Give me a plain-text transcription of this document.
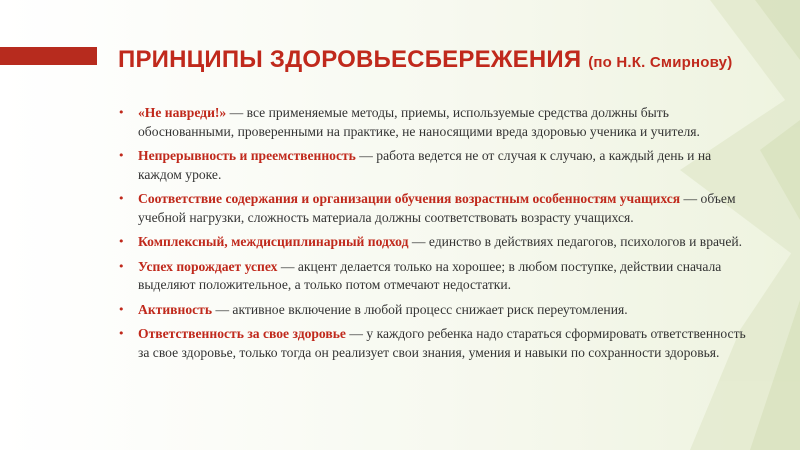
ПРИНЦИПЫ ЗДОРОВЬЕСБЕРЕЖЕНИЯ (по Н.К. Смирнову)
• «Не навреди!» — все применяемые методы, приемы, используемые средства должны быть обоснованными, проверенными на практике, не наносящими вреда здоровью ученика и учителя.
• Непрерывность и преемственность — работа ведется не от случая к случаю, а каждый день и на каждом уроке.
• Соответствие содержания и организации обучения возрастным особенностям учащихся — объем учебной нагрузки, сложность материала должны соответствовать возрасту учащихся.
• Комплексный, междисциплинарный подход — единство в действиях педагогов, психологов и врачей.
• Успех порождает успех — акцент делается только на хорошее; в любом поступке, действии сначала выделяют положительное, а только потом отмечают недостатки.
• Активность — активное включение в любой процесс снижает риск переутомления.
• Ответственность за свое здоровье — у каждого ребенка надо стараться сформировать ответственность за свое здоровье, только тогда он реализует свои знания, умения и навыки по сохранности здоровья.
